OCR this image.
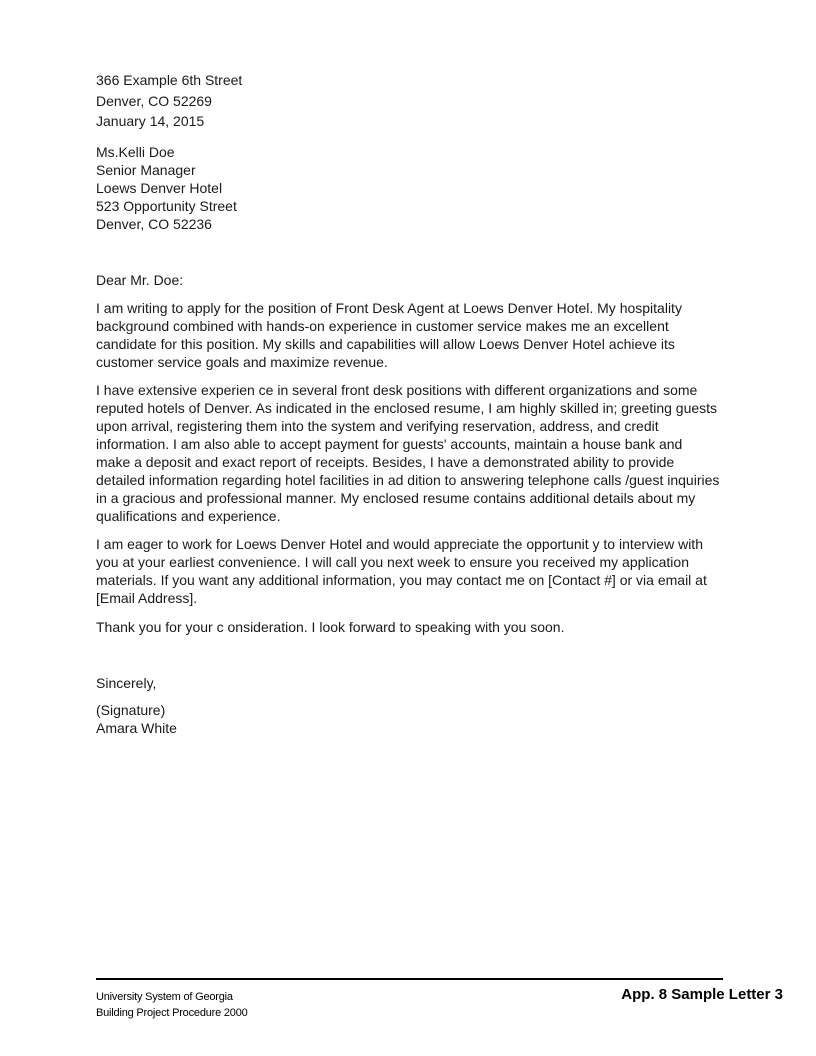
366 Example 6th Street
Denver, CO 52269
January 14, 2015
Ms.Kelli Doe
Senior Manager
Loews Denver Hotel
523 Opportunity Street
Denver, CO 52236
Dear Mr. Doe:

I am writing to apply for the position of Front Desk Agent at Loews Denver Hotel. My hospitality background combined with hands-on experience in customer service makes me an excellent candidate for this position. My skills and capabilities will allow Loews Denver Hotel achieve its customer service goals and maximize revenue.

I have extensive experien ce in several front desk positions with different organizations and some reputed hotels of Denver. As indicated in the enclosed resume, I am highly skilled in; greeting guests upon arrival, registering them into the system and verifying reservation, address, and credit information. I am also able to accept payment for guests' accounts, maintain a house bank and make a deposit and exact report of receipts. Besides, I have a demonstrated ability to provide detailed information regarding hotel facilities in ad dition to answering telephone calls /guest inquiries in a gracious and professional manner. My enclosed resume contains additional details about my qualifications and experience.

I am eager to work for Loews Denver Hotel and would appreciate the opportunit y to interview with you at your earliest convenience. I will call you next week to ensure you received my application materials. If you want any additional information, you may contact me on [Contact #] or via email at [Email Address].

Thank you for your c onsideration. I look forward to speaking with you soon.

Sincerely,
(Signature)
Amara White
University System of Georgia
Building Project Procedure 2000
App. 8 Sample Letter 3
